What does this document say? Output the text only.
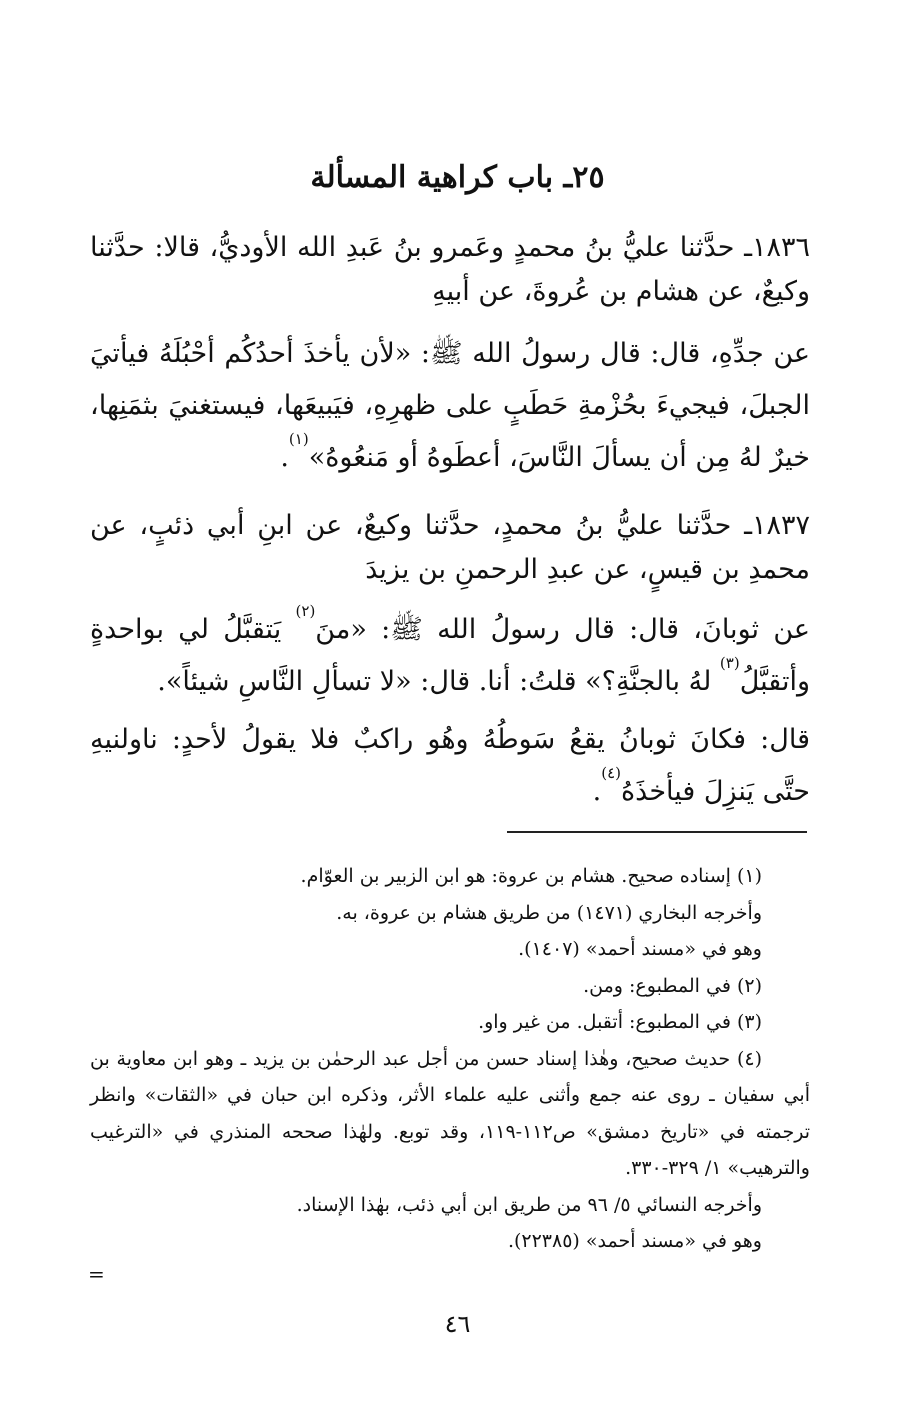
٢٥ـ باب كراهية المسألة
١٨٣٦ـ حدَّثنا عليُّ بنُ محمدٍ وعَمرو بنُ عَبدِ الله الأوديُّ، قالا: حدَّثنا وكيعٌ، عن هشام بن عُروةَ، عن أبيهِ
عن جدِّهِ، قال: قال رسولُ الله ﷺ: «لأن يأخذَ أحدُكُم أحْبُلَهُ فيأتيَ الجبلَ، فيجيءَ بحُزْمةِ حَطَبٍ على ظهرِهِ، فيَبيعَها، فيستغنيَ بثمَنِها، خيرٌ لهُ مِن أن يسألَ النَّاسَ، أعطَوهُ أو مَنعُوهُ»$^{(١)}$.
١٨٣٧ـ حدَّثنا عليُّ بنُ محمدٍ، حدَّثنا وكيعٌ، عن ابنِ أبي ذئبٍ، عن محمدِ بن قيسٍ، عن عبدِ الرحمنِ بن يزيدَ
عن ثوبانَ، قال: قال رسولُ الله ﷺ: «منَ$^{(٢)}$ يَتقبَّلُ لي بواحدةٍ وأتقبَّلُ$^{(٣)}$ لهُ بالجنَّةِ؟» قلتُ: أنا. قال: «لا تسألِ النَّاسِ شيئاً».
قال: فكانَ ثوبانُ يقعُ سَوطُهُ وهُو راكبٌ فلا يقولُ لأحدٍ: ناولنيهِ حتَّى يَنزِلَ فيأخذَهُ$^{(٤)}$.
(١) إسناده صحيح. هشام بن عروة: هو ابن الزبير بن العوّام.
وأخرجه البخاري (١٤٧١) من طريق هشام بن عروة، به.
وهو في «مسند أحمد» (١٤٠٧).
(٢) في المطبوع: ومن.
(٣) في المطبوع: أتقبل. من غير واو.
(٤) حديث صحيح، وهٰذا إسناد حسن من أجل عبد الرحمٰن بن يزيد ـ وهو ابن معاوية بن أبي سفيان ـ روى عنه جمع وأثنى عليه علماء الأثر، وذكره ابن حبان في «الثقات» وانظر ترجمته في «تاريخ دمشق» ص١١٢-١١٩، وقد توبع. ولهٰذا صححه المنذري في «الترغيب والترهيب» ١/ ٣٢٩-٣٣٠.
وأخرجه النسائي ٥/ ٩٦ من طريق ابن أبي ذئب، بهٰذا الإسناد.
وهو في «مسند أحمد» (٢٢٣٨٥).
=
٤٦
